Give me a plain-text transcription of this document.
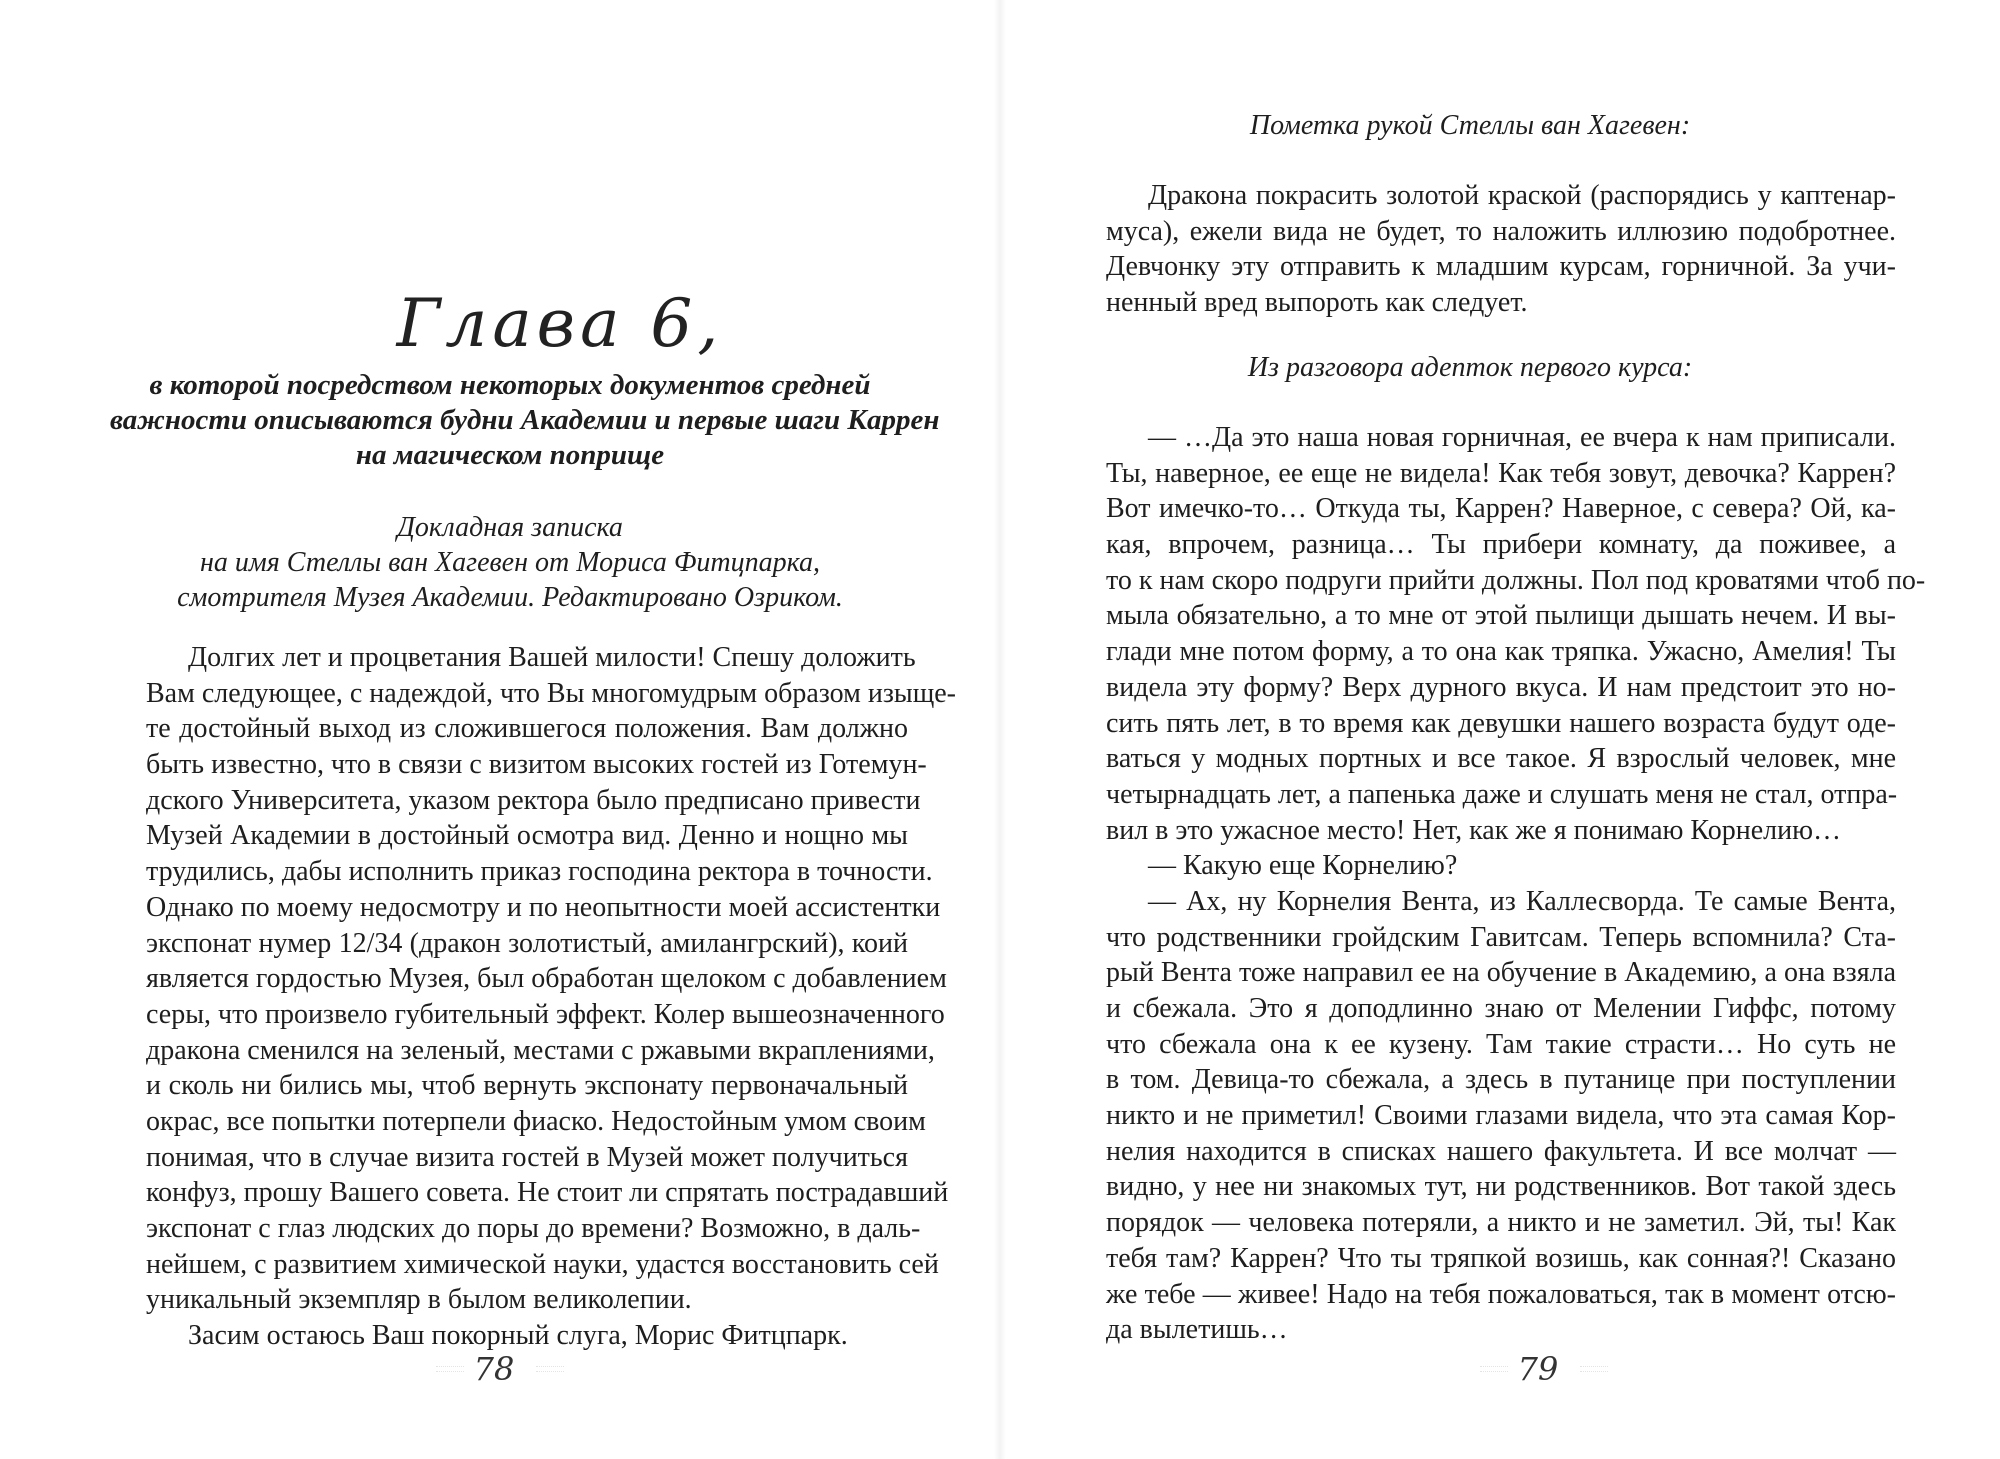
Глава 6,
в которой посредством некоторых документов средней
важности описываются будни Академии и первые шаги Каррен
на магическом поприще
Докладная записка
на имя Стеллы ван Хагевен от Мориса Фитцпарка,
смотрителя Музея Академии. Редактировано Озриком.
Долгих лет и процветания Вашей милости! Спешу доложить
Вам следующее, с надеждой, что Вы многомудрым образом изыще-
те достойный выход из сложившегося положения. Вам должно
быть известно, что в связи с визитом высоких гостей из Готемун-
дского Университета, указом ректора было предписано привести
Музей Академии в достойный осмотра вид. Денно и нощно мы
трудились, дабы исполнить приказ господина ректора в точности.
Однако по моему недосмотру и по неопытности моей ассистентки
экспонат нумер 12/34 (дракон золотистый, амилангрский), коий
является гордостью Музея, был обработан щелоком с добавлением
серы, что произвело губительный эффект. Колер вышеозначенного
дракона сменился на зеленый, местами с ржавыми вкраплениями,
и сколь ни бились мы, чтоб вернуть экспонату первоначальный
окрас, все попытки потерпели фиаско. Недостойным умом своим
понимая, что в случае визита гостей в Музей может получиться
конфуз, прошу Вашего совета. Не стоит ли спрятать пострадавший
экспонат с глаз людских до поры до времени? Возможно, в даль-
нейшем, с развитием химической науки, удастся восстановить сей
уникальный экземпляр в былом великолепии.
Засим остаюсь Ваш покорный слуга, Морис Фитцпарк.
78
Пометка рукой Стеллы ван Хагевен:
Дракона покрасить золотой краской (распорядись у каптенар-
муса), ежели вида не будет, то наложить иллюзию подобротнее.
Девчонку эту отправить к младшим курсам, горничной. За учи-
ненный вред выпороть как следует.
Из разговора адепток первого курса:
— …Да это наша новая горничная, ее вчера к нам приписали.
Ты, наверное, ее еще не видела! Как тебя зовут, девочка? Каррен?
Вот имечко-то… Откуда ты, Каррен? Наверное, с севера? Ой, ка-
кая, впрочем, разница… Ты прибери комнату, да поживее, а
то к нам скоро подруги прийти должны. Пол под кроватями чтоб по-
мыла обязательно, а то мне от этой пылищи дышать нечем. И вы-
глади мне потом форму, а то она как тряпка. Ужасно, Амелия! Ты
видела эту форму? Верх дурного вкуса. И нам предстоит это но-
сить пять лет, в то время как девушки нашего возраста будут оде-
ваться у модных портных и все такое. Я взрослый человек, мне
четырнадцать лет, а папенька даже и слушать меня не стал, отпра-
вил в это ужасное место! Нет, как же я понимаю Корнелию…
— Какую еще Корнелию?
— Ах, ну Корнелия Вента, из Каллесворда. Те самые Вента,
что родственники гройдским Гавитсам. Теперь вспомнила? Ста-
рый Вента тоже направил ее на обучение в Академию, а она взяла
и сбежала. Это я доподлинно знаю от Мелении Гиффс, потому
что сбежала она к ее кузену. Там такие страсти… Но суть не
в том. Девица-то сбежала, а здесь в путанице при поступлении
никто и не приметил! Своими глазами видела, что эта самая Кор-
нелия находится в списках нашего факультета. И все молчат —
видно, у нее ни знакомых тут, ни родственников. Вот такой здесь
порядок — человека потеряли, а никто и не заметил. Эй, ты! Как
тебя там? Каррен? Что ты тряпкой возишь, как сонная?! Сказано
же тебе — живее! Надо на тебя пожаловаться, так в момент отсю-
да вылетишь…
79
